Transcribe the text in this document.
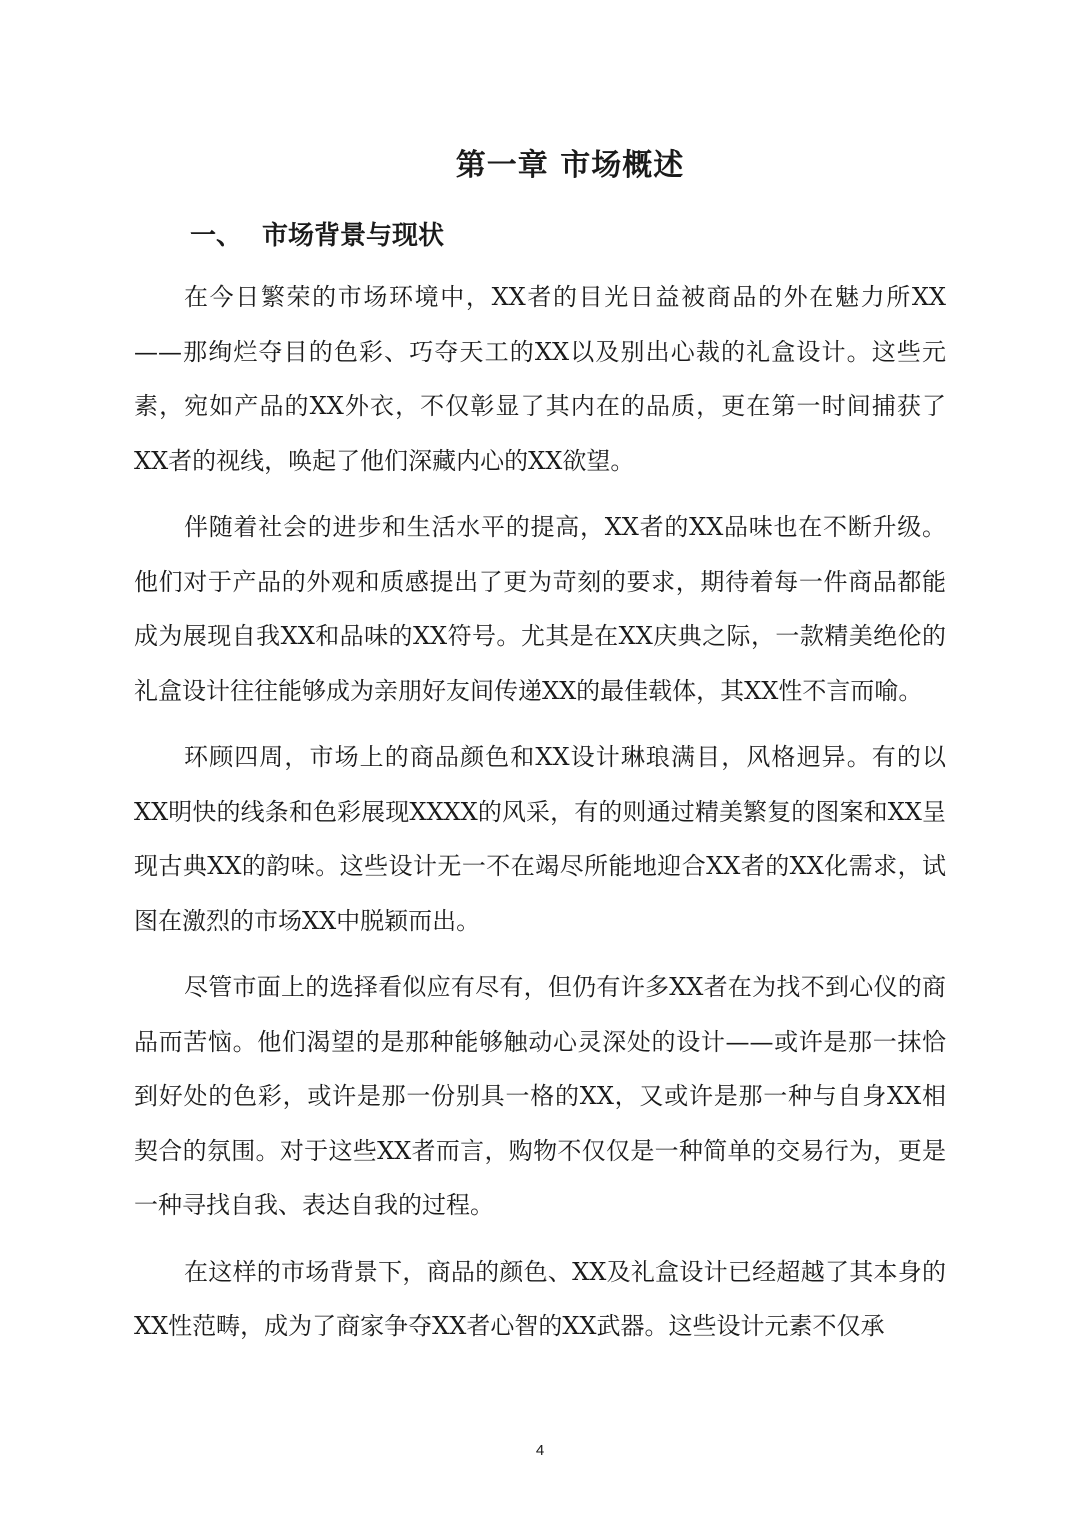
第一章 市场概述
一、 市场背景与现状

在今日繁荣的市场环境中，XX者的目光日益被商品的外在魅力所XX——那绚烂夺目的色彩、巧夺天工的XX以及别出心裁的礼盒设计。这些元素，宛如产品的XX外衣，不仅彰显了其内在的品质，更在第一时间捕获了XX者的视线，唤起了他们深藏内心的XX欲望。

伴随着社会的进步和生活水平的提高，XX者的XX品味也在不断升级。他们对于产品的外观和质感提出了更为苛刻的要求，期待着每一件商品都能成为展现自我XX和品味的XX符号。尤其是在XX庆典之际，一款精美绝伦的礼盒设计往往能够成为亲朋好友间传递XX的最佳载体，其XX性不言而喻。

环顾四周，市场上的商品颜色和XX设计琳琅满目，风格迥异。有的以XX明快的线条和色彩展现XXXX的风采，有的则通过精美繁复的图案和XX呈现古典XX的韵味。这些设计无一不在竭尽所能地迎合XX者的XX化需求，试图在激烈的市场XX中脱颖而出。

尽管市面上的选择看似应有尽有，但仍有许多XX者在为找不到心仪的商品而苦恼。他们渴望的是那种能够触动心灵深处的设计——或许是那一抹恰到好处的色彩，或许是那一份别具一格的XX，又或许是那一种与自身XX相契合的氛围。对于这些XX者而言，购物不仅仅是一种简单的交易行为，更是一种寻找自我、表达自我的过程。

在这样的市场背景下，商品的颜色、XX及礼盒设计已经超越了其本身的XX性范畴，成为了商家争夺XX者心智的XX武器。这些设计元素不仅承

4
